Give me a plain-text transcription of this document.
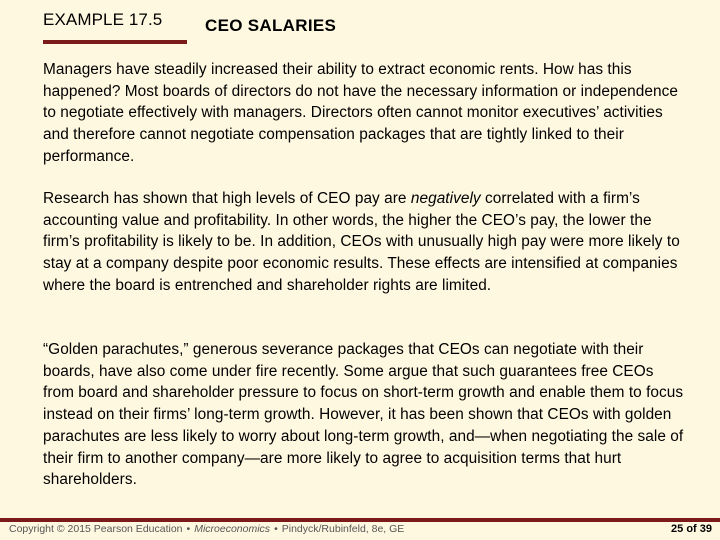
EXAMPLE 17.5	CEO SALARIES

Managers have steadily increased their ability to extract economic rents. How has this happened? Most boards of directors do not have the necessary information or independence to negotiate effectively with managers. Directors often cannot monitor executives’ activities and therefore cannot negotiate compensation packages that are tightly linked to their performance.

Research has shown that high levels of CEO pay are negatively correlated with a firm’s accounting value and profitability. In other words, the higher the CEO’s pay, the lower the firm’s profitability is likely to be. In addition, CEOs with unusually high pay were more likely to stay at a company despite poor economic results. These effects are intensified at companies where the board is entrenched and shareholder rights are limited.

“Golden parachutes,” generous severance packages that CEOs can negotiate with their boards, have also come under fire recently. Some argue that such guarantees free CEOs from board and shareholder pressure to focus on short-term growth and enable them to focus instead on their firms’ long-term growth. However, it has been shown that CEOs with golden parachutes are less likely to worry about long-term growth, and—when negotiating the sale of their firm to another company—are more likely to agree to acquisition terms that hurt shareholders.

Copyright © 2015 Pearson Education • Microeconomics • Pindyck/Rubinfeld, 8e, GE	25 of 39
